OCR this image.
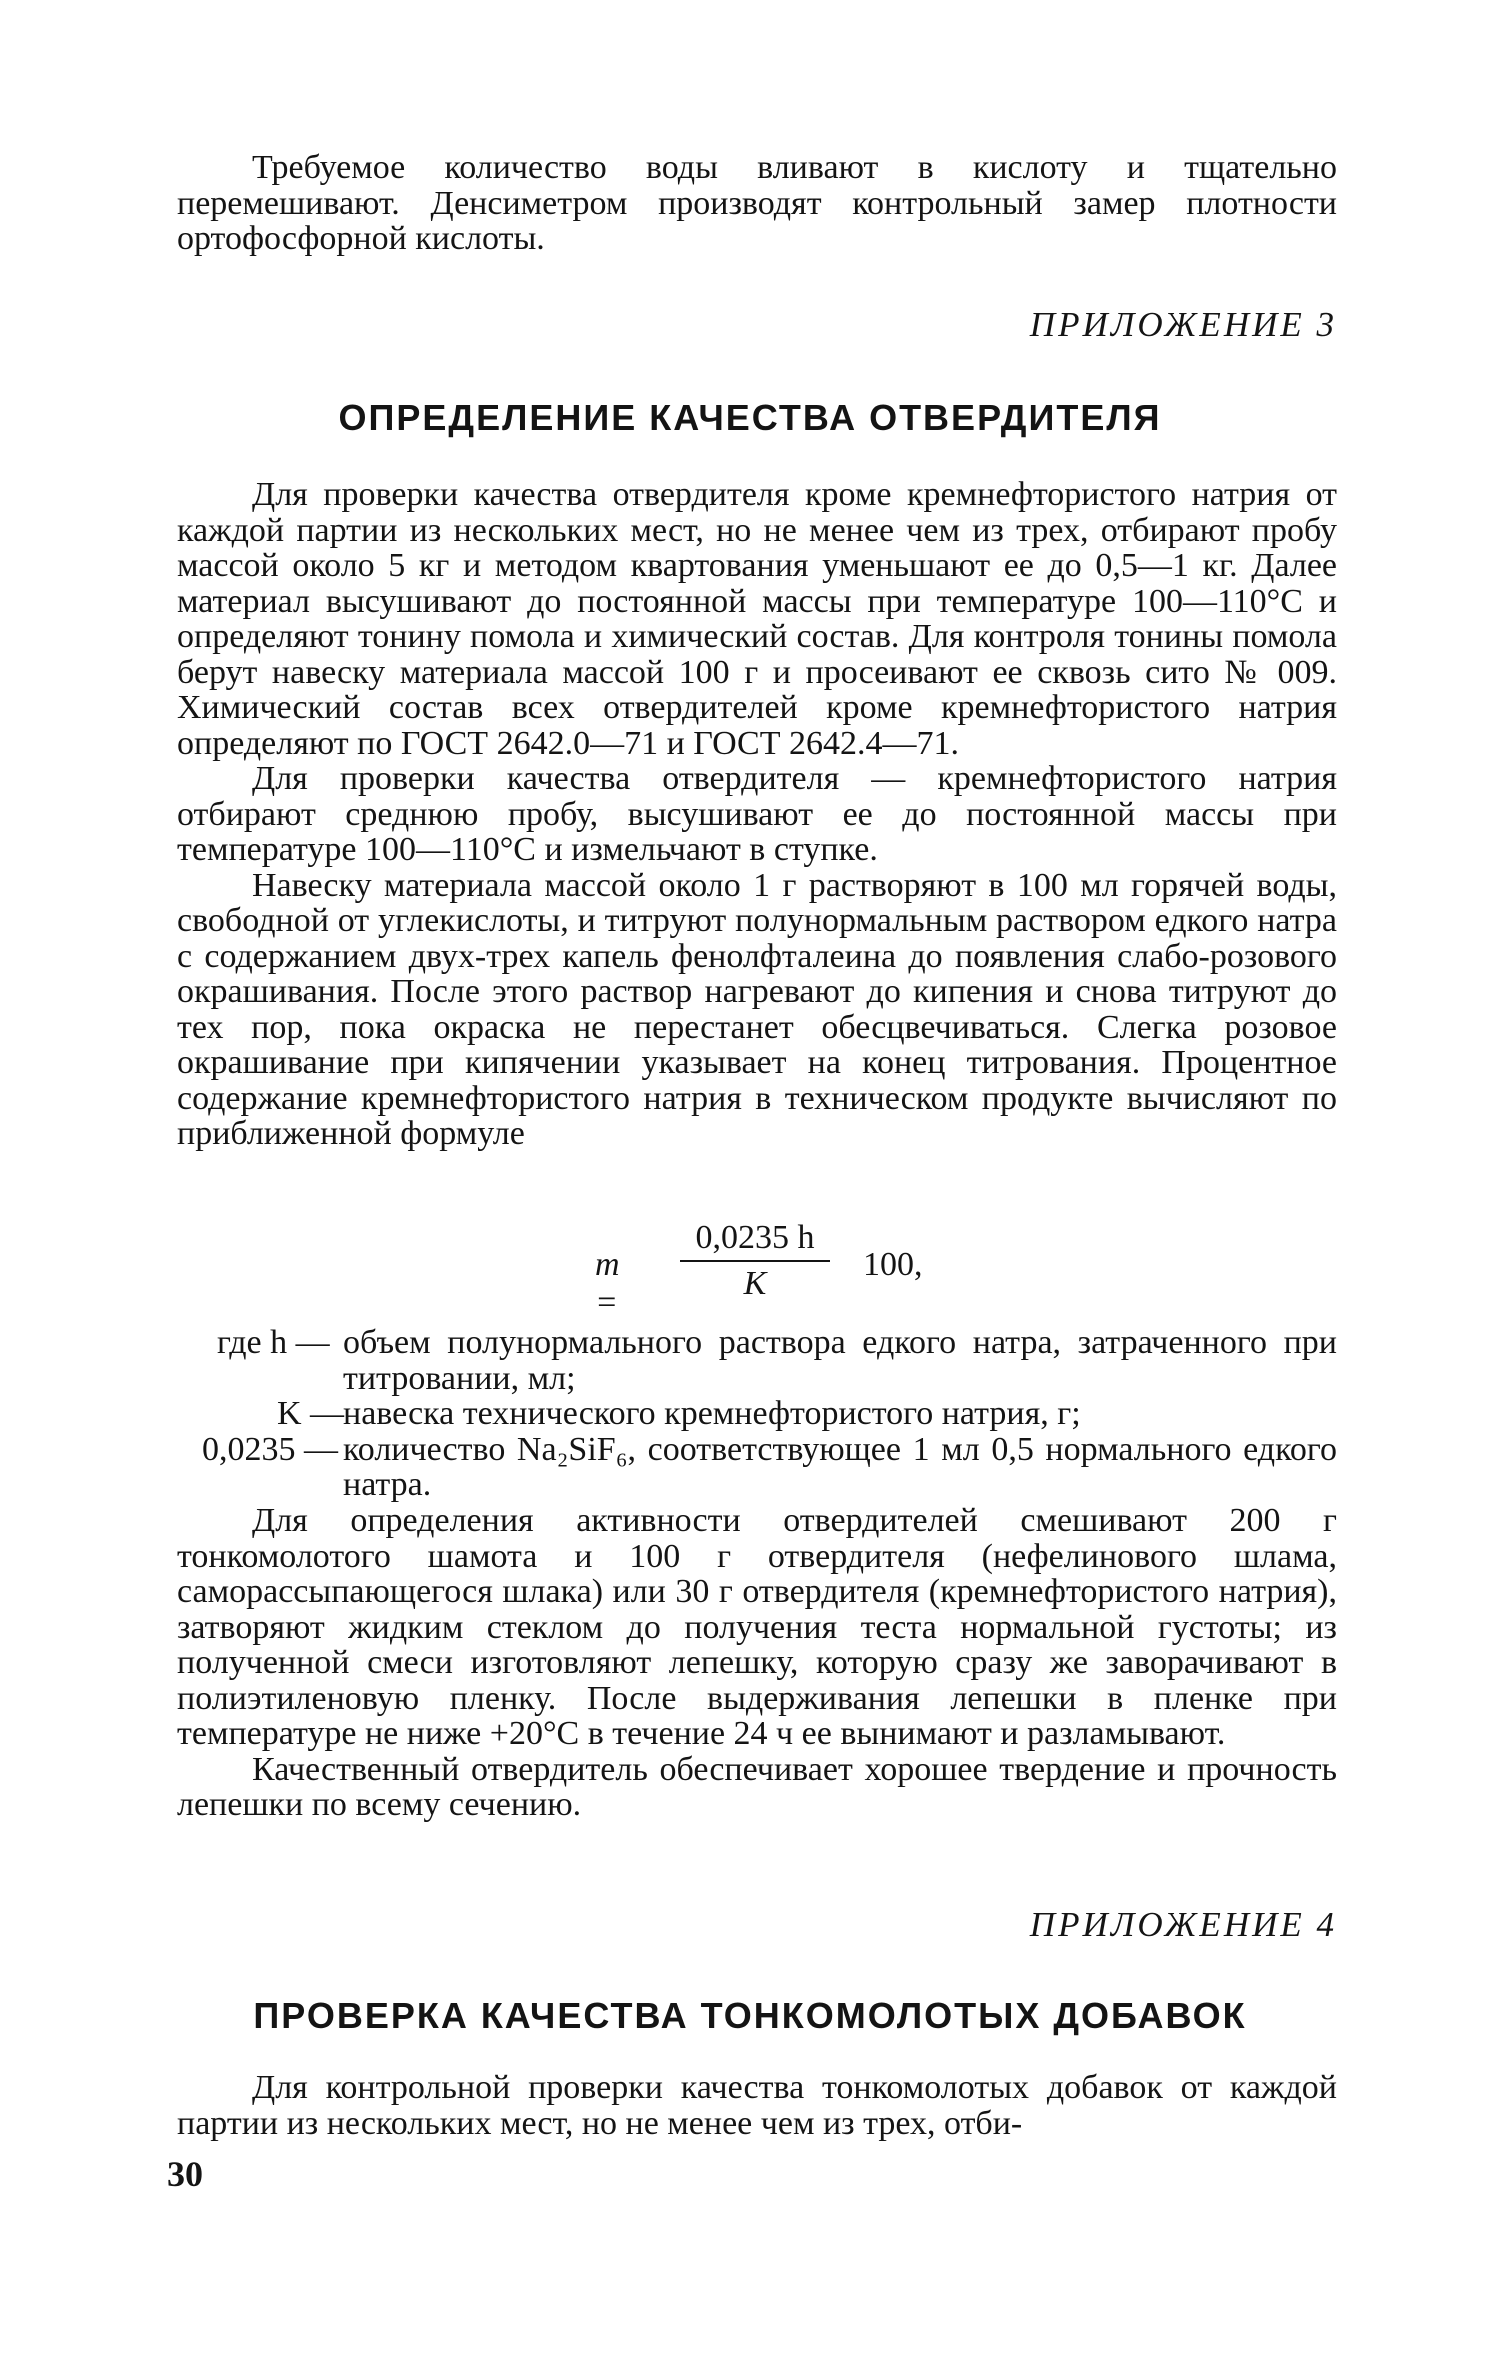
Требуемое количество воды вливают в кислоту и тщательно перемешивают. Денсиметром производят контрольный замер плотности ортофосфорной кислоты.

ПРИЛОЖЕНИЕ 3
ОПРЕДЕЛЕНИЕ КАЧЕСТВА ОТВЕРДИТЕЛЯ

Для проверки качества отвердителя кроме кремнефтористого натрия от каждой партии из нескольких мест, но не менее чем из трех, отбирают пробу массой около 5 кг и методом квартования уменьшают ее до 0,5—1 кг. Далее материал высушивают до постоянной массы при температуре 100—110°С и определяют тонину помола и химический состав. Для контроля тонины помола берут навеску материала массой 100 г и просеивают ее сквозь сито № 009. Химический состав всех отвердителей кроме кремнефтористого натрия определяют по ГОСТ 2642.0—71 и ГОСТ 2642.4—71.

Для проверки качества отвердителя — кремнефтористого натрия отбирают среднюю пробу, высушивают ее до постоянной массы при температуре 100—110°С и измельчают в ступке.

Навеску материала массой около 1 г растворяют в 100 мл горячей воды, свободной от углекислоты, и титруют полунормальным раствором едкого натра с содержанием двух-трех капель фенолфталеина до появления слабо-розового окрашивания. После этого раствор нагревают до кипения и снова титруют до тех пор, пока окраска не перестанет обесцвечиваться. Слегка розовое окрашивание при кипячении указывает на конец титрования. Процентное содержание кремнефтористого натрия в техническом продукте вычисляют по приближенной формуле

m =
0,0235 h
K
100,
где h — объем полунормального раствора едкого натра, затраченного при титровании, мл;
K —
навеска технического кремнефтористого натрия, г;
0,0235 — количество Na₂SiF₆, соответствующее 1 мл 0,5 нормального едкого натра.

Для определения активности отвердителей смешивают 200 г тонкомолотого шамота и 100 г отвердителя (нефелинового шлама, саморассыпающегося шлака) или 30 г отвердителя (кремнефтористого натрия), затворяют жидким стеклом до получения теста нормальной густоты; из полученной смеси изготовляют лепешку, которую сразу же заворачивают в полиэтиленовую пленку. После выдерживания лепешки в пленке при температуре не ниже +20°С в течение 24 ч ее вынимают и разламывают.

Качественный отвердитель обеспечивает хорошее твердение и прочность лепешки по всему сечению.

ПРИЛОЖЕНИЕ 4
ПРОВЕРКА КАЧЕСТВА ТОНКОМОЛОТЫХ ДОБАВОК

Для контрольной проверки качества тонкомолотых добавок от каждой партии из нескольких мест, но не менее чем из трех, отби-

30
